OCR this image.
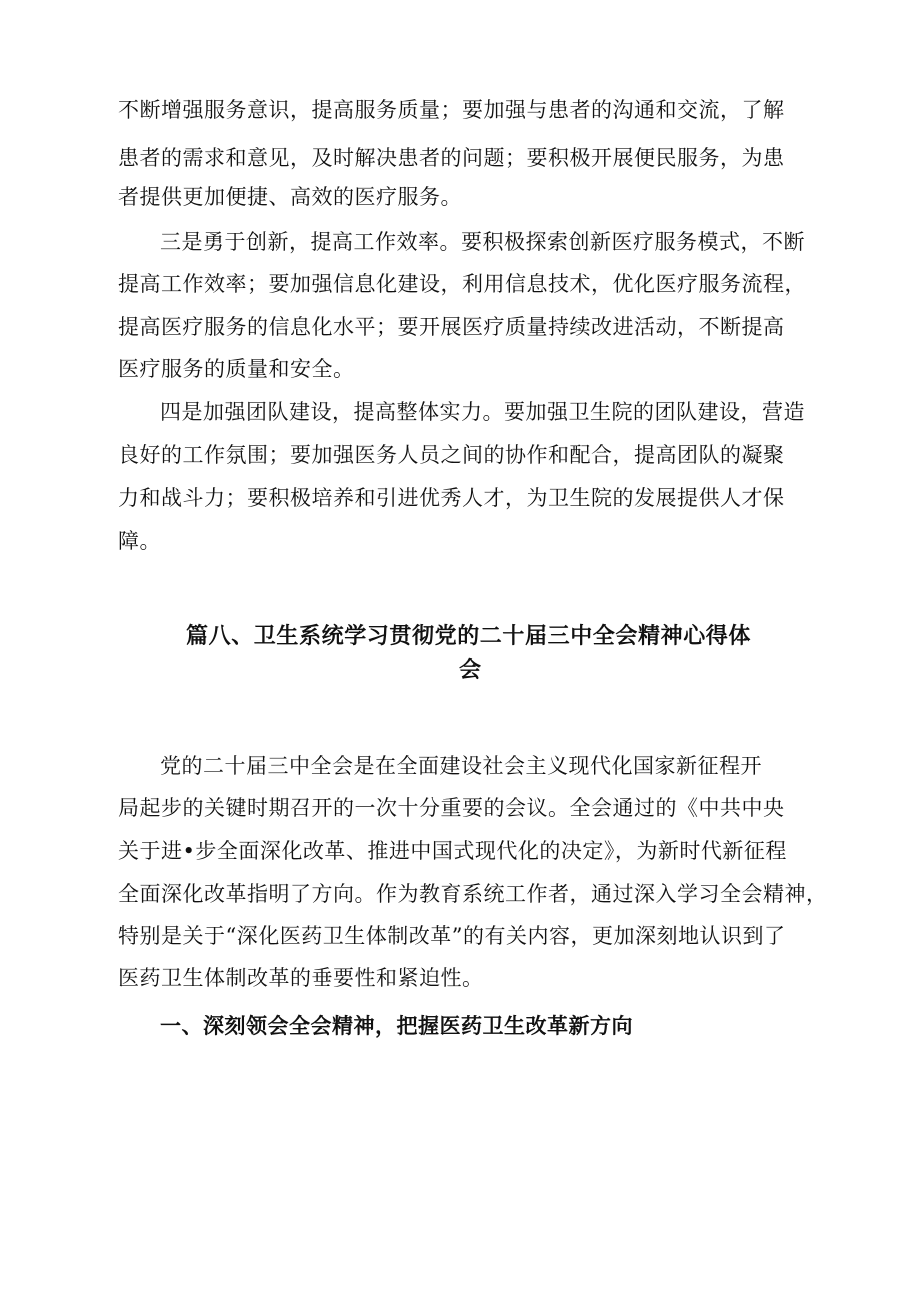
不断增强服务意识，提高服务质量；要加强与患者的沟通和交流，了解
患者的需求和意见，及时解决患者的问题；要积极开展便民服务，为患
者提供更加便捷、高效的医疗服务。
三是勇于创新，提高工作效率。要积极探索创新医疗服务模式，不断
提高工作效率；要加强信息化建设，利用信息技术，优化医疗服务流程，
提高医疗服务的信息化水平；要开展医疗质量持续改进活动，不断提高
医疗服务的质量和安全。
四是加强团队建设，提高整体实力。要加强卫生院的团队建设，营造
良好的工作氛围；要加强医务人员之间的协作和配合，提高团队的凝聚
力和战斗力；要积极培养和引进优秀人才，为卫生院的发展提供人才保
障。
篇八、卫生系统学习贯彻党的二十届三中全会精神心得体
会
党的二十届三中全会是在全面建设社会主义现代化国家新征程开
局起步的关键时期召开的一次十分重要的会议。全会通过的《中共中央
关于进•步全面深化改革、推进中国式现代化的决定》，为新时代新征程
全面深化改革指明了方向。作为教育系统工作者，通过深入学习全会精神，
特别是关于“深化医药卫生体制改革”的有关内容，更加深刻地认识到了
医药卫生体制改革的垂要性和紧迫性。
一、深刻领会全会精神，把握医药卫生改革新方向
